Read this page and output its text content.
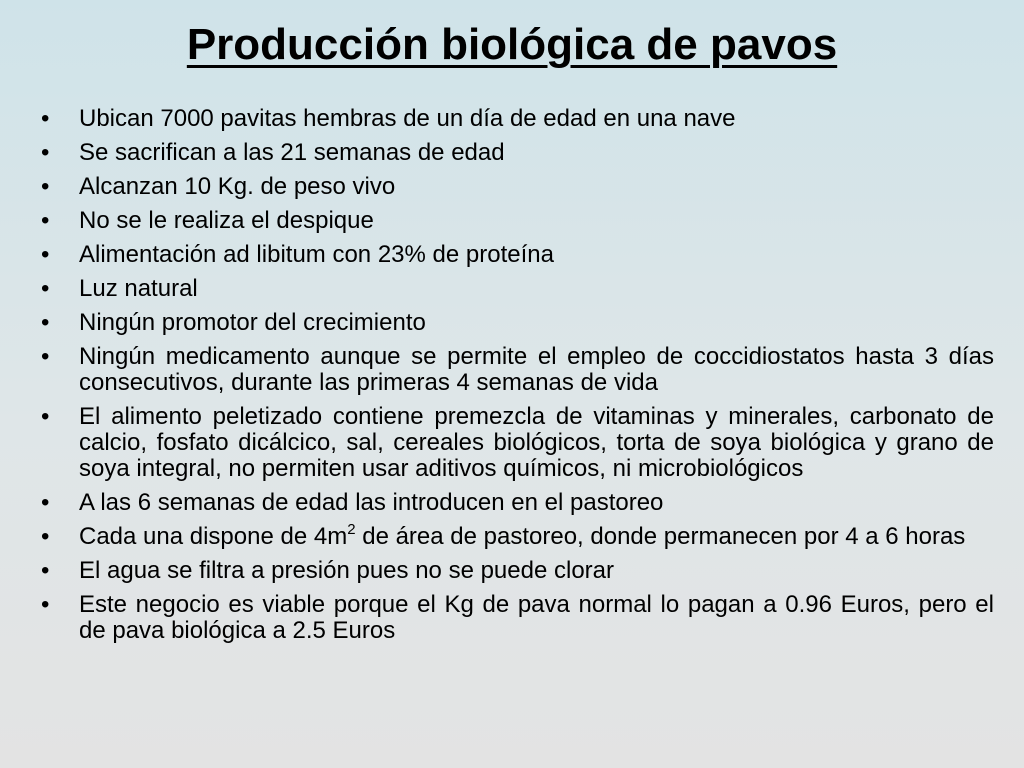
Producción biológica de pavos
• Ubican 7000 pavitas hembras de un día de edad en una nave
• Se sacrifican a las 21 semanas de edad
• Alcanzan 10 Kg. de peso vivo
• No se le realiza el despique
• Alimentación ad libitum con 23% de proteína
• Luz natural
• Ningún promotor del crecimiento
• Ningún medicamento aunque se permite el empleo de coccidiostatos hasta 3 días consecutivos, durante las primeras 4 semanas de vida
• El alimento peletizado contiene premezcla de vitaminas y minerales, carbonato de calcio, fosfato dicálcico, sal, cereales biológicos, torta de soya biológica y grano de soya integral, no permiten usar aditivos químicos, ni microbiológicos
• A las 6 semanas de edad las introducen en el pastoreo
• Cada una dispone de $4m^2$ de área de pastoreo, donde permanecen por 4 a 6 horas
• El agua se filtra a presión pues no se puede clorar
• Este negocio es viable porque el Kg de pava normal lo pagan a 0.96 Euros, pero el de pava biológica a 2.5 Euros
